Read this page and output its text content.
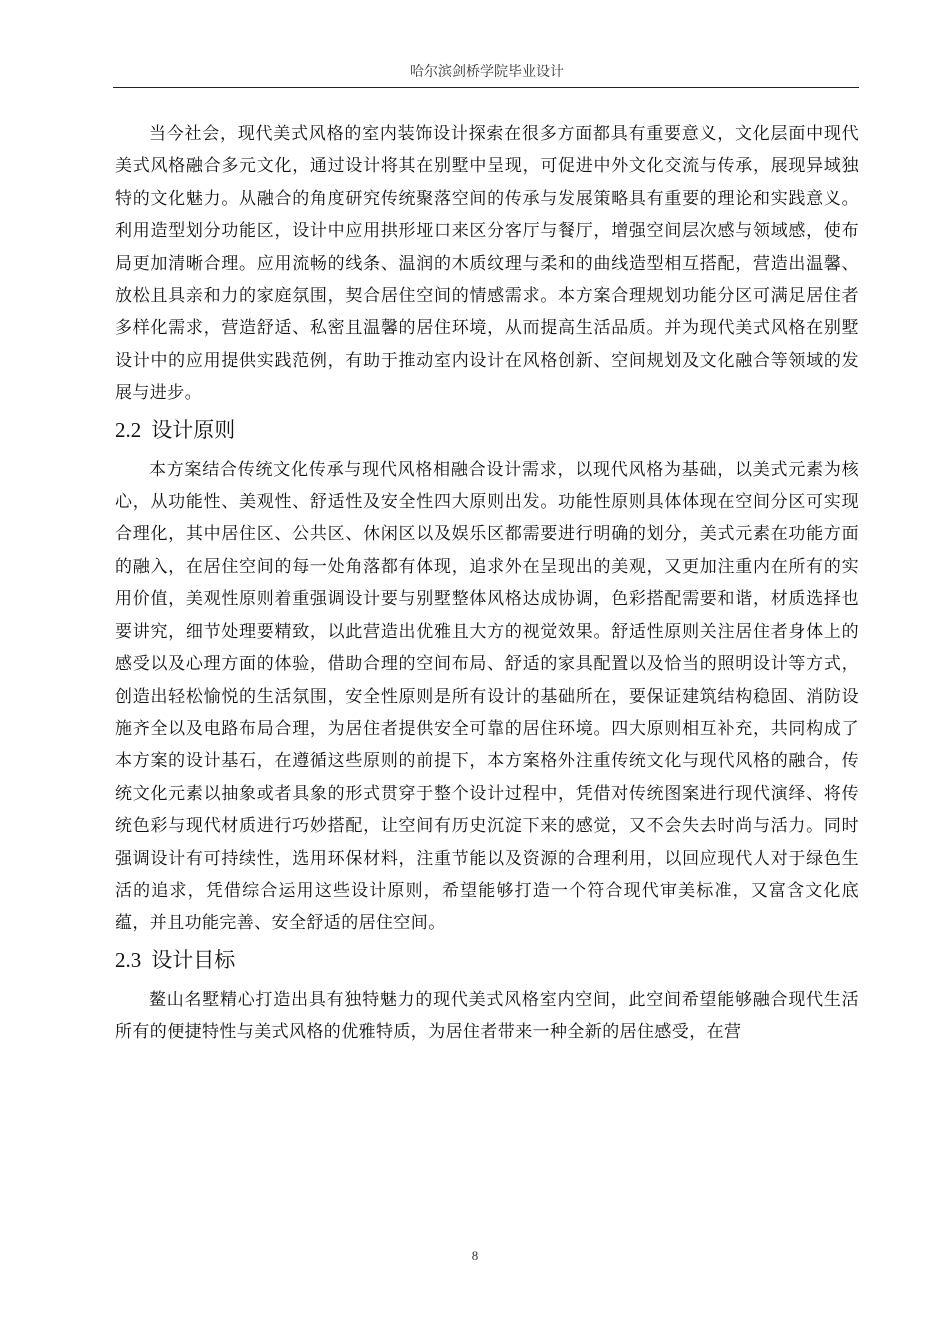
哈尔滨剑桥学院毕业设计

当今社会，现代美式风格的室内装饰设计探索在很多方面都具有重要意义，文化层面中现代美式风格融合多元文化，通过设计将其在别墅中呈现，可促进中外文化交流与传承，展现异域独特的文化魅力。从融合的角度研究传统聚落空间的传承与发展策略具有重要的理论和实践意义。利用造型划分功能区，设计中应用拱形垭口来区分客厅与餐厅，增强空间层次感与领域感，使布局更加清晰合理。应用流畅的线条、温润的木质纹理与柔和的曲线造型相互搭配，营造出温馨、放松且具亲和力的家庭氛围，契合居住空间的情感需求。本方案合理规划功能分区可满足居住者多样化需求，营造舒适、私密且温馨的居住环境，从而提高生活品质。并为现代美式风格在别墅设计中的应用提供实践范例，有助于推动室内设计在风格创新、空间规划及文化融合等领域的发展与进步。

2.2 设计原则

本方案结合传统文化传承与现代风格相融合设计需求，以现代风格为基础，以美式元素为核心，从功能性、美观性、舒适性及安全性四大原则出发。功能性原则具体体现在空间分区可实现合理化，其中居住区、公共区、休闲区以及娱乐区都需要进行明确的划分，美式元素在功能方面的融入，在居住空间的每一处角落都有体现，追求外在呈现出的美观，又更加注重内在所有的实用价值，美观性原则着重强调设计要与别墅整体风格达成协调，色彩搭配需要和谐，材质选择也要讲究，细节处理要精致，以此营造出优雅且大方的视觉效果。舒适性原则关注居住者身体上的感受以及心理方面的体验，借助合理的空间布局、舒适的家具配置以及恰当的照明设计等方式，创造出轻松愉悦的生活氛围，安全性原则是所有设计的基础所在，要保证建筑结构稳固、消防设施齐全以及电路布局合理，为居住者提供安全可靠的居住环境。四大原则相互补充，共同构成了本方案的设计基石，在遵循这些原则的前提下，本方案格外注重传统文化与现代风格的融合，传统文化元素以抽象或者具象的形式贯穿于整个设计过程中，凭借对传统图案进行现代演绎、将传统色彩与现代材质进行巧妙搭配，让空间有历史沉淀下来的感觉，又不会失去时尚与活力。同时强调设计有可持续性，选用环保材料，注重节能以及资源的合理利用，以回应现代人对于绿色生活的追求，凭借综合运用这些设计原则，希望能够打造一个符合现代审美标准，又富含文化底蕴，并且功能完善、安全舒适的居住空间。

2.3 设计目标

鳌山名墅精心打造出具有独特魅力的现代美式风格室内空间，此空间希望能够融合现代生活所有的便捷特性与美式风格的优雅特质，为居住者带来一种全新的居住感受，在营

8
